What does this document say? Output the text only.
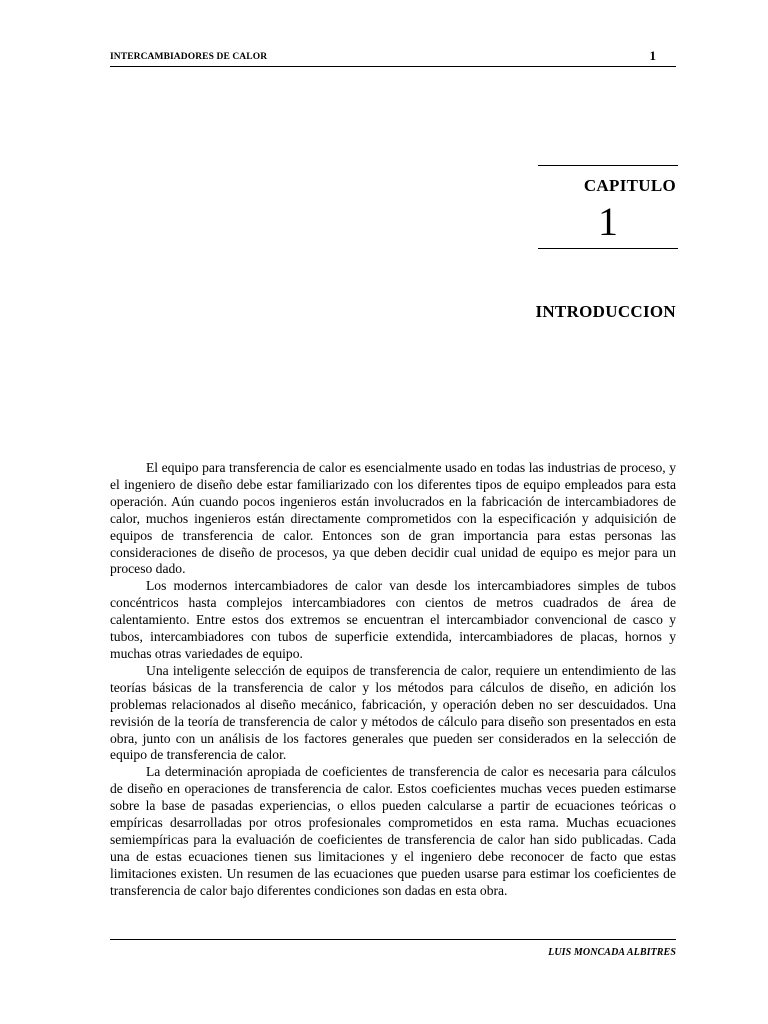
INTERCAMBIADORES DE CALOR	1
CAPITULO
1
INTRODUCCION

El equipo para transferencia de calor es esencialmente usado en todas las industrias de proceso, y el ingeniero de diseño debe estar familiarizado con los diferentes tipos de equipo empleados para esta operación. Aún cuando pocos ingenieros están involucrados en la fabricación de intercambiadores de calor, muchos ingenieros están directamente comprometidos con la especificación y adquisición de equipos de transferencia de calor. Entonces son de gran importancia para estas personas las consideraciones de diseño de procesos, ya que deben decidir cual unidad de equipo es mejor para un proceso dado.

Los modernos intercambiadores de calor van desde los intercambiadores simples de tubos concéntricos hasta complejos intercambiadores con cientos de metros cuadrados de área de calentamiento. Entre estos dos extremos se encuentran el intercambiador convencional de casco y tubos, intercambiadores con tubos de superficie extendida, intercambiadores de placas, hornos y muchas otras variedades de equipo.

Una inteligente selección de equipos de transferencia de calor, requiere un entendimiento de las teorías básicas de la transferencia de calor y los métodos para cálculos de diseño, en adición los problemas relacionados al diseño mecánico, fabricación, y operación deben no ser descuidados. Una revisión de la teoría de transferencia de calor y métodos de cálculo para diseño son presentados en esta obra, junto con un análisis de los factores generales que pueden ser considerados en la selección de equipo de transferencia de calor.

La determinación apropiada de coeficientes de transferencia de calor es necesaria para cálculos de diseño en operaciones de transferencia de calor. Estos coeficientes muchas veces pueden estimarse sobre la base de pasadas experiencias, o ellos pueden calcularse a partir de ecuaciones teóricas o empíricas desarrolladas por otros profesionales comprometidos en esta rama. Muchas ecuaciones semiempíricas para la evaluación de coeficientes de transferencia de calor han sido publicadas. Cada una de estas ecuaciones tienen sus limitaciones y el ingeniero debe reconocer de facto que estas limitaciones existen. Un resumen de las ecuaciones que pueden usarse para estimar los coeficientes de transferencia de calor bajo diferentes condiciones son dadas en esta obra.

LUIS MONCADA ALBITRES
